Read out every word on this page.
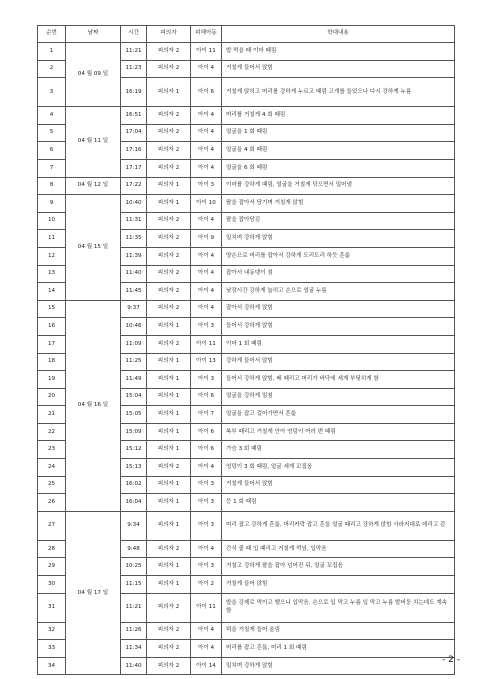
순번	날짜	시간	피의자	피해아동	학대내용
1	04 월 09 일	11:21	피의자 2	아이 11	밥 먹을 때 이마 때림
2		11:23	피의자 2	아이 4	거칠게 들어서 앉힘
3		16:19	피의자 1	아이 6	거칠게 앉히고 머리를 강하게 누르고 때림 고개를 들었으나 다시 강하게 누름
4	04 월 11 일	16:51	피의자 2	아이 4	머리를 거칠게 4 회 때림
5		17:04	피의자 2	아이 4	얼굴을 1 회 때림
6		17:16	피의자 2	아이 4	얼굴을 4 회 때림
7		17:17	피의자 2	아이 4	얼굴을 6 회 때림
8	04 월 12 일	17:22	피의자 1	아이 3	이마를 강하게 때림, 얼굴을 거칠게 닦으면서 밀어냄
9	04 월 15 일	10:40	피의자 1	아이 10	팔을 잡아서 당기며 거칠게 앉힘
10		11:31	피의자 2	아이 4	팔을 잡아당김
11		11:35	피의자 2	아이 9	밀치며 강하게 앉힘
12		11:39	피의자 2	아이 4	양손으로 머리를 잡아서 강하게 도리도리 하듯 흔듦
13		11:40	피의자 2	아이 4	잡아서 내동댕이 침
14		11:45	피의자 2	아이 4	낮잠시간 강하게 눕히고 손으로 얼굴 누름
15	04 월 16 일	9:37	피의자 2	아이 4	잡아서 강하게 앉힘
16		10:46	피의자 1	아이 3	들어서 강하게 앉힘
17		11:09	피의자 2	아이 11	이마 1 회 때림
18		11:25	피의자 1	아이 13	강하게 들어서 앉힘
19		11:49	피의자 1	아이 3	들어서 강하게 앉힘, 배 때리고 머리가 바닥에 세게 부딪히게 함
20		15:04	피의자 1	아이 6	얼굴을 강하게 밀침
21		15:05	피의자 1	아이 7	얼굴을 잡고 걸어가면서 흔듦
22		15:09	피의자 1	아이 6	복부 때리고 거칠게 안아 엉덩이 여러 번 때림
23		15:12	피의자 1	아이 6	가슴 3 회 때림
24		15:13	피의자 2	아이 4	엉덩이 3 회 때림, 얼굴 세게 꼬집음
25		16:02	피의자 1	아이 3	거칠게 들어서 앉힘
26		16:04	피의자 1	아이 3	등 1 회 때림
27	04 월 17 일	9:34	피의자 1	아이 3	머리 잡고 강하게 흔듦, 머리카락 잡고 흔들 얼굴 때리고 강하게 앉힘 사라지대로 데리고 감
28		9:48	피의자 2	아이 4	간식 줄 때 입 때리고 거칠게 먹임, 입막음
29		10:25	피의자 1	아이 3	거칠고 강하게 팔을 잡아 넘어진 뒤, 얼굴 꼬집음
30		11:15	피의자 1	아이 2	거칠게 들어 앉힘
31		11:21	피의자 2	아이 11	밥을 강제로 먹이고 뱉으니 입막음, 손으로 입 막고 누름 입 막고 누름 발버둥 치는데도 계속함
32		11:26	피의자 2	아이 4	턱을 거칠게 들어 올림
33		11:34	피의자 2	아이 4	머리를 잡고 흔듦, 머리 1 회 때림
34		11:40	피의자 2	아이 14	밀치며 강하게 앉힘
- 2 -
